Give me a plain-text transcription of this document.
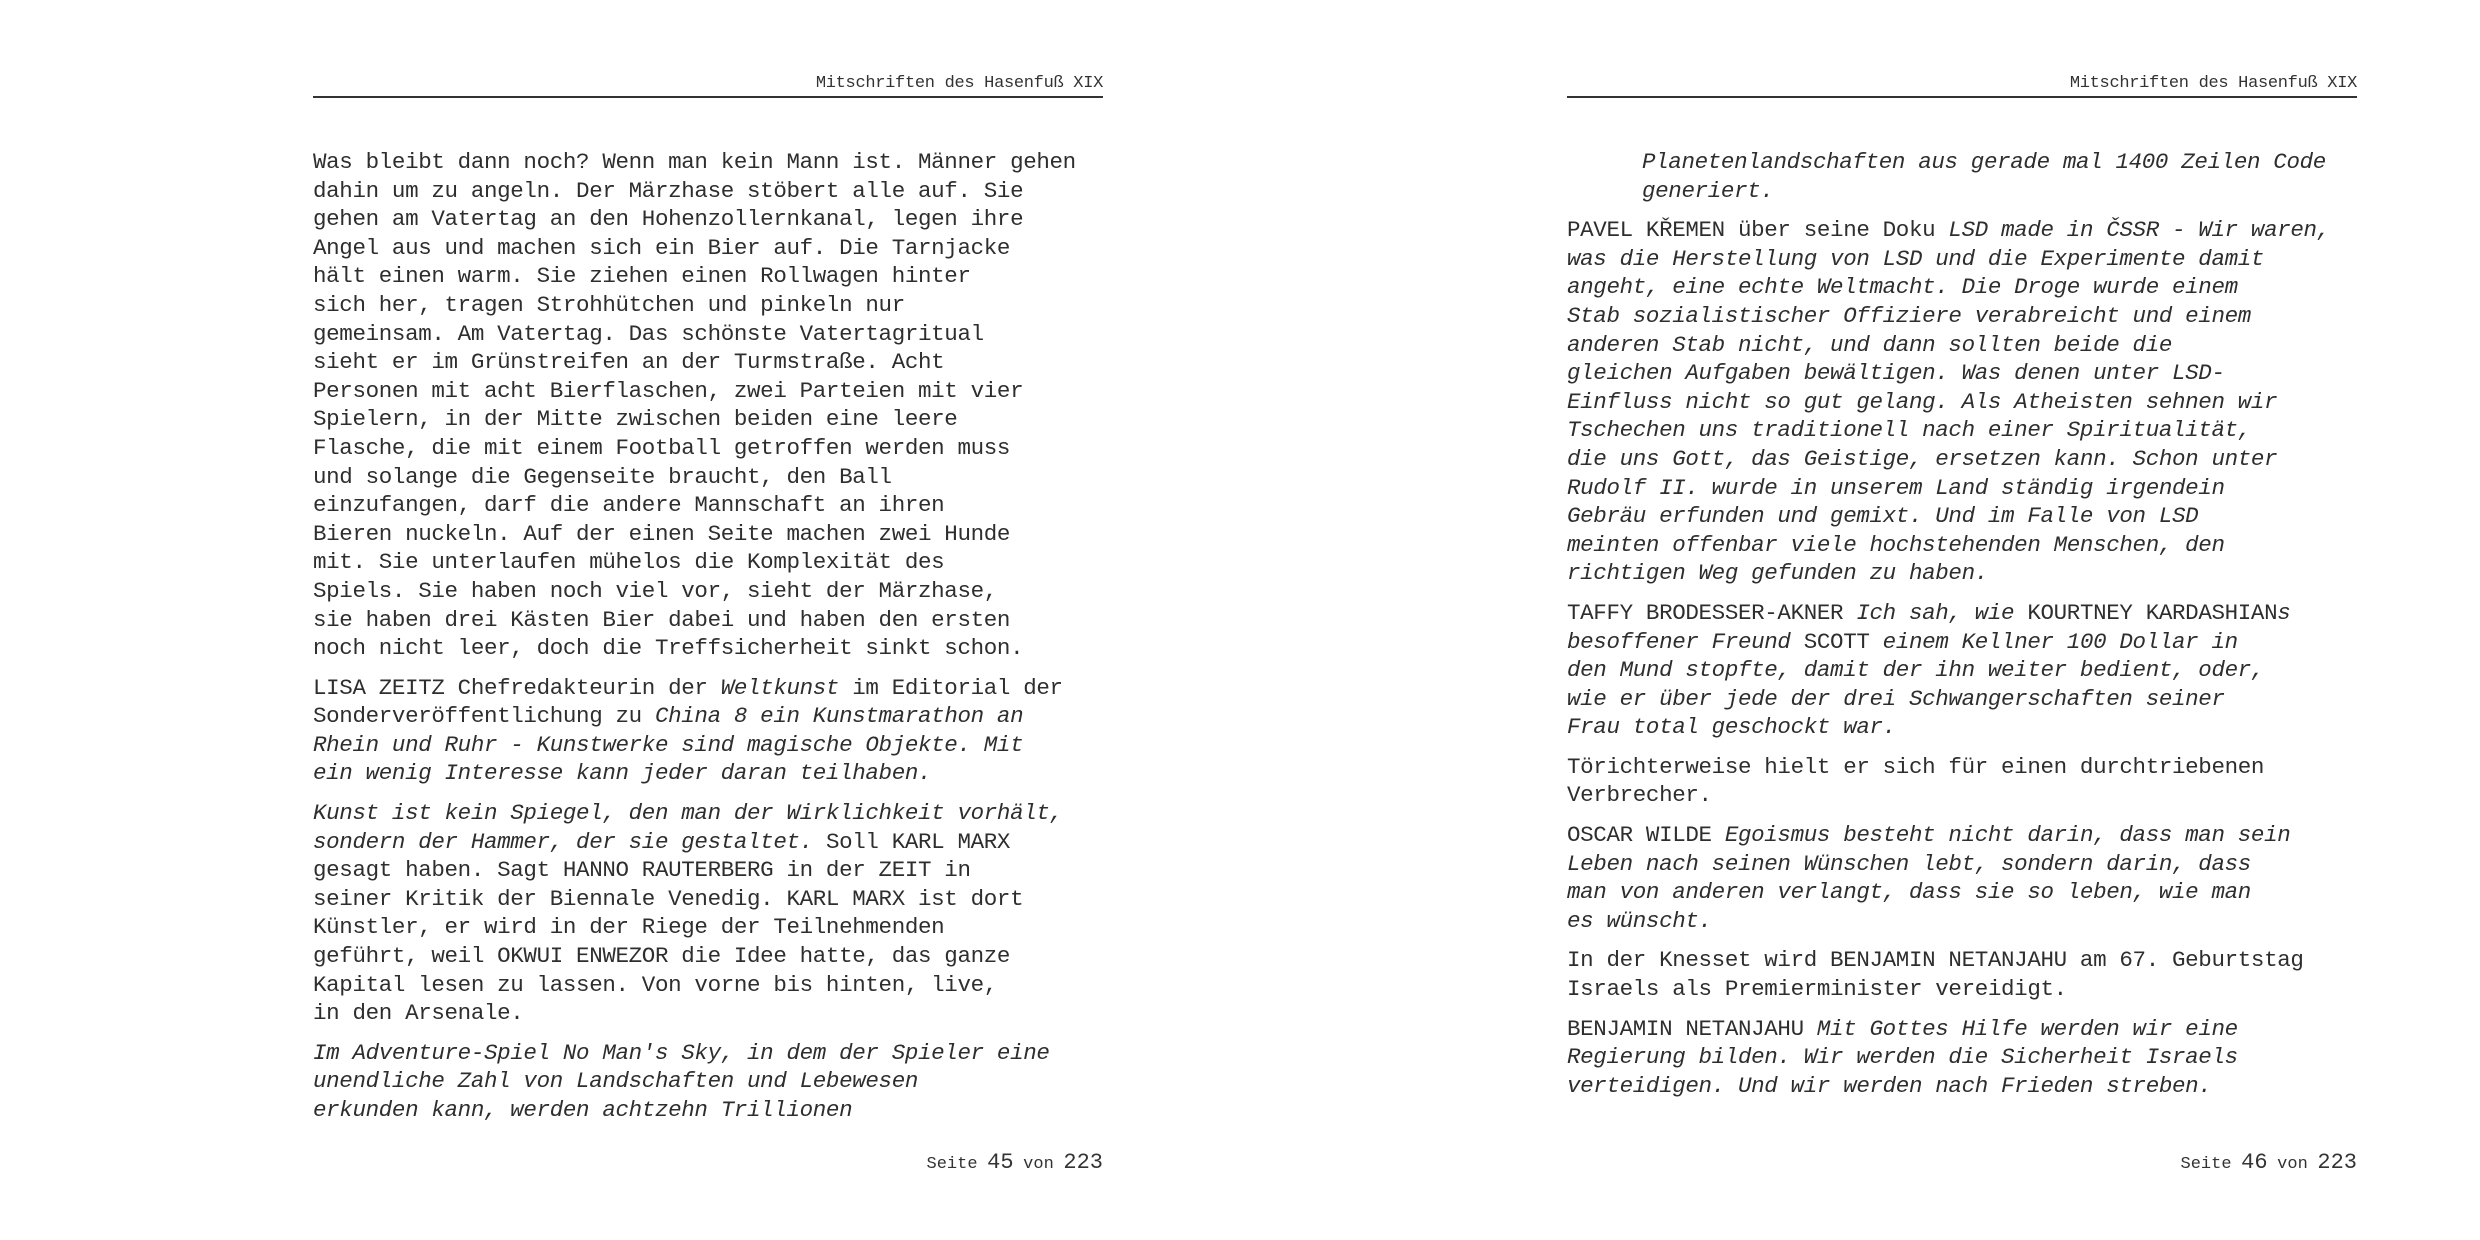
Mitschriften des Hasenfuß XIX
Was bleibt dann noch? Wenn man kein Mann ist. Männer gehen
dahin um zu angeln. Der Märzhase stöbert alle auf. Sie
gehen am Vatertag an den Hohenzollernkanal, legen ihre
Angel aus und machen sich ein Bier auf. Die Tarnjacke
hält einen warm. Sie ziehen einen Rollwagen hinter
sich her, tragen Strohhütchen und pinkeln nur
gemeinsam. Am Vatertag. Das schönste Vatertagritual
sieht er im Grünstreifen an der Turmstraße. Acht
Personen mit acht Bierflaschen, zwei Parteien mit vier
Spielern, in der Mitte zwischen beiden eine leere
Flasche, die mit einem Football getroffen werden muss
und solange die Gegenseite braucht, den Ball
einzufangen, darf die andere Mannschaft an ihren
Bieren nuckeln. Auf der einen Seite machen zwei Hunde
mit. Sie unterlaufen mühelos die Komplexität des
Spiels. Sie haben noch viel vor, sieht der Märzhase,
sie haben drei Kästen Bier dabei und haben den ersten
noch nicht leer, doch die Treffsicherheit sinkt schon.
LISA ZEITZ Chefredakteurin der Weltkunst im Editorial der
Sonderveröffentlichung zu China 8 ein Kunstmarathon an
Rhein und Ruhr - Kunstwerke sind magische Objekte. Mit
ein wenig Interesse kann jeder daran teilhaben.
Kunst ist kein Spiegel, den man der Wirklichkeit vorhält,
sondern der Hammer, der sie gestaltet. Soll KARL MARX
gesagt haben. Sagt HANNO RAUTERBERG in der ZEIT in
seiner Kritik der Biennale Venedig. KARL MARX ist dort
Künstler, er wird in der Riege der Teilnehmenden
geführt, weil OKWUI ENWEZOR die Idee hatte, das ganze
Kapital lesen zu lassen. Von vorne bis hinten, live,
in den Arsenale.
Im Adventure-Spiel No Man's Sky, in dem der Spieler eine
unendliche Zahl von Landschaften und Lebewesen
erkunden kann, werden achtzehn Trillionen
Seite 45 von 223
Mitschriften des Hasenfuß XIX
Planetenlandschaften aus gerade mal 1400 Zeilen Code
generiert.
PAVEL KŘEMEN über seine Doku LSD made in ČSSR - Wir waren,
was die Herstellung von LSD und die Experimente damit
angeht, eine echte Weltmacht. Die Droge wurde einem
Stab sozialistischer Offiziere verabreicht und einem
anderen Stab nicht, und dann sollten beide die
gleichen Aufgaben bewältigen. Was denen unter LSD-
Einfluss nicht so gut gelang. Als Atheisten sehnen wir
Tschechen uns traditionell nach einer Spiritualität,
die uns Gott, das Geistige, ersetzen kann. Schon unter
Rudolf II. wurde in unserem Land ständig irgendein
Gebräu erfunden und gemixt. Und im Falle von LSD
meinten offenbar viele hochstehenden Menschen, den
richtigen Weg gefunden zu haben.
TAFFY BRODESSER-AKNER Ich sah, wie KOURTNEY KARDASHIANs
besoffener Freund SCOTT einem Kellner 100 Dollar in
den Mund stopfte, damit der ihn weiter bedient, oder,
wie er über jede der drei Schwangerschaften seiner
Frau total geschockt war.
Törichterweise hielt er sich für einen durchtriebenen
Verbrecher.
OSCAR WILDE Egoismus besteht nicht darin, dass man sein
Leben nach seinen Wünschen lebt, sondern darin, dass
man von anderen verlangt, dass sie so leben, wie man
es wünscht.
In der Knesset wird BENJAMIN NETANJAHU am 67. Geburtstag
Israels als Premierminister vereidigt.
BENJAMIN NETANJAHU Mit Gottes Hilfe werden wir eine
Regierung bilden. Wir werden die Sicherheit Israels
verteidigen. Und wir werden nach Frieden streben.
Seite 46 von 223
